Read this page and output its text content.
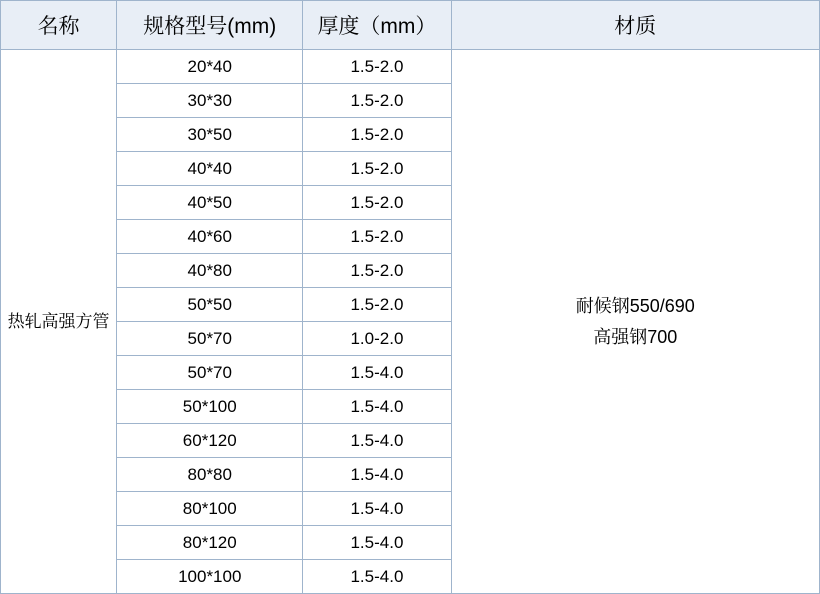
名称	规格型号(mm)	厚度（mm）	材质
热轧高强方管	20*40	1.5-2.0	耐候钢550/690
高强钢700

	30*30	1.5-2.0	
	30*50	1.5-2.0	
	40*40	1.5-2.0	
	40*50	1.5-2.0	
	40*60	1.5-2.0	
	40*80	1.5-2.0	
	50*50	1.5-2.0	
	50*70	1.0-2.0	
	50*70	1.5-4.0	
	50*100	1.5-4.0	
	60*120	1.5-4.0	
	80*80	1.5-4.0	
	80*100	1.5-4.0	
	80*120	1.5-4.0	
	100*100	1.5-4.0	
